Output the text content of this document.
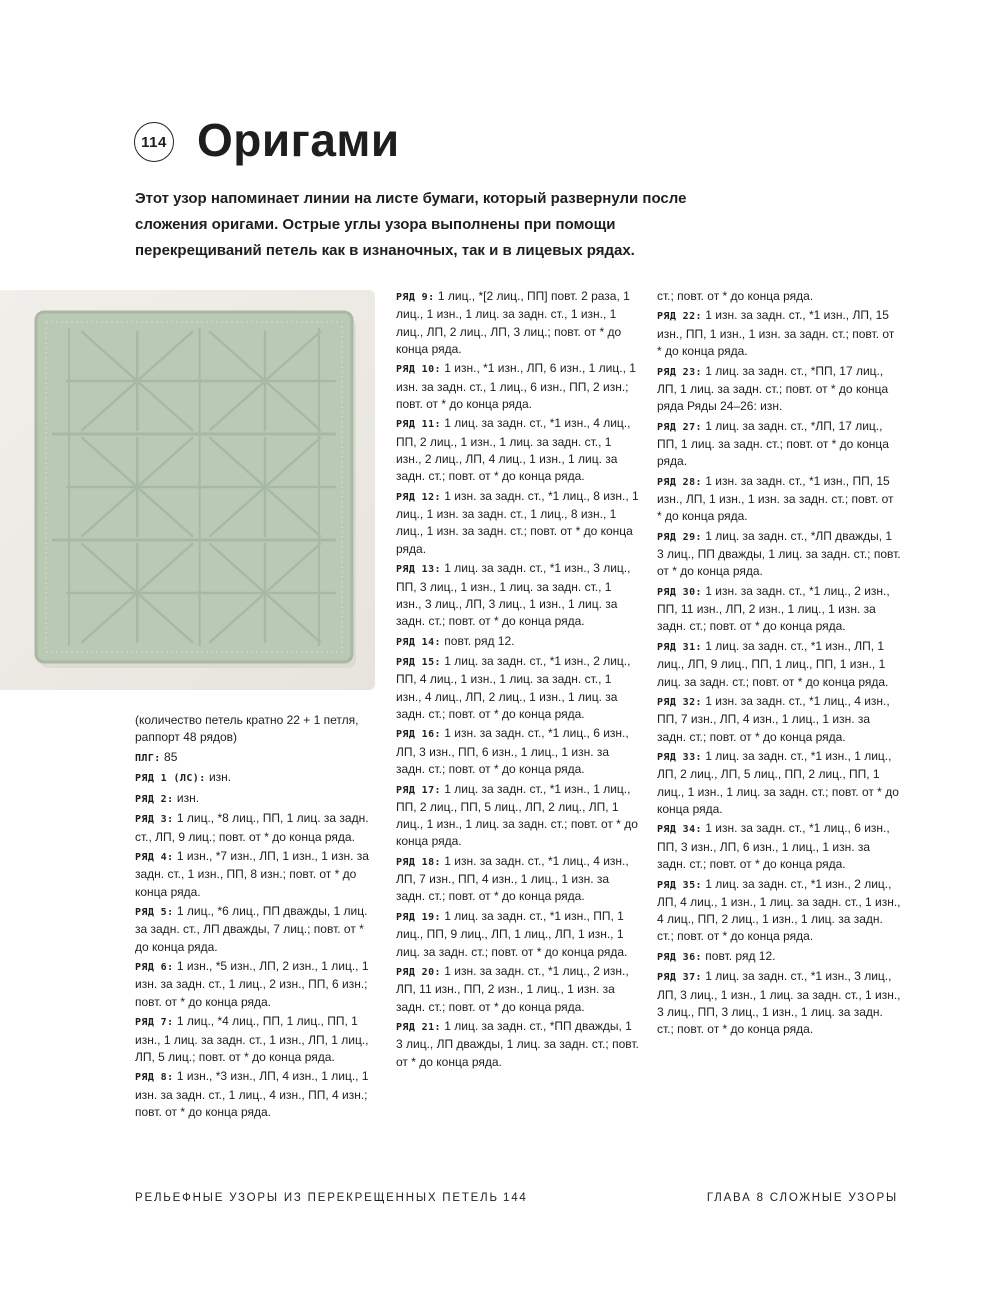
114 Оригами
Этот узор напоминает линии на листе бумаги, который развернули после сложения оригами. Острые углы узора выполнены при помощи перекрещиваний петель как в изнаночных, так и в лицевых рядах.

(количество петель кратно 22 + 1 петля, раппорт 48 рядов)

ПЛГ: 85

РЯД 1 (ЛС): изн.

РЯД 2: изн.

РЯД 3: 1 лиц., *8 лиц., ПП, 1 лиц. за задн. ст., ЛП, 9 лиц.; повт. от * до конца ряда.

РЯД 4: 1 изн., *7 изн., ЛП, 1 изн., 1 изн. за задн. ст., 1 изн., ПП, 8 изн.; повт. от * до конца ряда.

РЯД 5: 1 лиц., *6 лиц., ПП дважды, 1 лиц. за задн. ст., ЛП дважды, 7 лиц.; повт. от * до конца ряда.

РЯД 6: 1 изн., *5 изн., ЛП, 2 изн., 1 лиц., 1 изн. за задн. ст., 1 лиц., 2 изн., ПП, 6 изн.; повт. от * до конца ряда.

РЯД 7: 1 лиц., *4 лиц., ПП, 1 лиц., ПП, 1 изн., 1 лиц. за задн. ст., 1 изн., ЛП, 1 лиц., ЛП, 5 лиц.; повт. от * до конца ряда.

РЯД 8: 1 изн., *3 изн., ЛП, 4 изн., 1 лиц., 1 изн. за задн. ст., 1 лиц., 4 изн., ПП, 4 изн.; повт. от * до конца ряда.

РЯД 9: 1 лиц., *[2 лиц., ПП] повт. 2 раза, 1 лиц., 1 изн., 1 лиц. за задн. ст., 1 изн., 1 лиц., ЛП, 2 лиц., ЛП, 3 лиц.; повт. от * до конца ряда.

РЯД 10: 1 изн., *1 изн., ЛП, 6 изн., 1 лиц., 1 изн. за задн. ст., 1 лиц., 6 изн., ПП, 2 изн.; повт. от * до конца ряда.

РЯД 11: 1 лиц. за задн. ст., *1 изн., 4 лиц., ПП, 2 лиц., 1 изн., 1 лиц. за задн. ст., 1 изн., 2 лиц., ЛП, 4 лиц., 1 изн., 1 лиц. за задн. ст.; повт. от * до конца ряда.

РЯД 12: 1 изн. за задн. ст., *1 лиц., 8 изн., 1 лиц., 1 изн. за задн. ст., 1 лиц., 8 изн., 1 лиц., 1 изн. за задн. ст.; повт. от * до конца ряда.

РЯД 13: 1 лиц. за задн. ст., *1 изн., 3 лиц., ПП, 3 лиц., 1 изн., 1 лиц. за задн. ст., 1 изн., 3 лиц., ЛП, 3 лиц., 1 изн., 1 лиц. за задн. ст.; повт. от * до конца ряда.

РЯД 14: повт. ряд 12.

РЯД 15: 1 лиц. за задн. ст., *1 изн., 2 лиц., ПП, 4 лиц., 1 изн., 1 лиц. за задн. ст., 1 изн., 4 лиц., ЛП, 2 лиц., 1 изн., 1 лиц. за задн. ст.; повт. от * до конца ряда.

РЯД 16: 1 изн. за задн. ст., *1 лиц., 6 изн., ЛП, 3 изн., ПП, 6 изн., 1 лиц., 1 изн. за задн. ст.; повт. от * до конца ряда.

РЯД 17: 1 лиц. за задн. ст., *1 изн., 1 лиц., ПП, 2 лиц., ПП, 5 лиц., ЛП, 2 лиц., ЛП, 1 лиц., 1 изн., 1 лиц. за задн. ст.; повт. от * до конца ряда.

РЯД 18: 1 изн. за задн. ст., *1 лиц., 4 изн., ЛП, 7 изн., ПП, 4 изн., 1 лиц., 1 изн. за задн. ст.; повт. от * до конца ряда.

РЯД 19: 1 лиц. за задн. ст., *1 изн., ПП, 1 лиц., ПП, 9 лиц., ЛП, 1 лиц., ЛП, 1 изн., 1 лиц. за задн. ст.; повт. от * до конца ряда.

РЯД 20: 1 изн. за задн. ст., *1 лиц., 2 изн., ЛП, 11 изн., ПП, 2 изн., 1 лиц., 1 изн. за задн. ст.; повт. от * до конца ряда.

РЯД 21: 1 лиц. за задн. ст., *ПП дважды, 1 3 лиц., ЛП дважды, 1 лиц. за задн. ст.; повт. от * до конца ряда.

ст.; повт. от * до конца ряда.

РЯД 22: 1 изн. за задн. ст., *1 изн., ЛП, 15 изн., ПП, 1 изн., 1 изн. за задн. ст.; повт. от * до конца ряда.

РЯД 23: 1 лиц. за задн. ст., *ПП, 17 лиц., ЛП, 1 лиц. за задн. ст.; повт. от * до конца ряда Ряды 24–26: изн.

РЯД 27: 1 лиц. за задн. ст., *ЛП, 17 лиц., ПП, 1 лиц. за задн. ст.; повт. от * до конца ряда.

РЯД 28: 1 изн. за задн. ст., *1 изн., ПП, 15 изн., ЛП, 1 изн., 1 изн. за задн. ст.; повт. от * до конца ряда.

РЯД 29: 1 лиц. за задн. ст., *ЛП дважды, 1 3 лиц., ПП дважды, 1 лиц. за задн. ст.; повт. от * до конца ряда.

РЯД 30: 1 изн. за задн. ст., *1 лиц., 2 изн., ПП, 11 изн., ЛП, 2 изн., 1 лиц., 1 изн. за задн. ст.; повт. от * до конца ряда.

РЯД 31: 1 лиц. за задн. ст., *1 изн., ЛП, 1 лиц., ЛП, 9 лиц., ПП, 1 лиц., ПП, 1 изн., 1 лиц. за задн. ст.; повт. от * до конца ряда.

РЯД 32: 1 изн. за задн. ст., *1 лиц., 4 изн., ПП, 7 изн., ЛП, 4 изн., 1 лиц., 1 изн. за задн. ст.; повт. от * до конца ряда.

РЯД 33: 1 лиц. за задн. ст., *1 изн., 1 лиц., ЛП, 2 лиц., ЛП, 5 лиц., ПП, 2 лиц., ПП, 1 лиц., 1 изн., 1 лиц. за задн. ст.; повт. от * до конца ряда.

РЯД 34: 1 изн. за задн. ст., *1 лиц., 6 изн., ПП, 3 изн., ЛП, 6 изн., 1 лиц., 1 изн. за задн. ст.; повт. от * до конца ряда.

РЯД 35: 1 лиц. за задн. ст., *1 изн., 2 лиц., ЛП, 4 лиц., 1 изн., 1 лиц. за задн. ст., 1 изн., 4 лиц., ПП, 2 лиц., 1 изн., 1 лиц. за задн. ст.; повт. от * до конца ряда.

РЯД 36: повт. ряд 12.

РЯД 37: 1 лиц. за задн. ст., *1 изн., 3 лиц., ЛП, 3 лиц., 1 изн., 1 лиц. за задн. ст., 1 изн., 3 лиц., ПП, 3 лиц., 1 изн., 1 лиц. за задн. ст.; повт. от * до конца ряда.

РЕЛЬЕФНЫЕ УЗОРЫ ИЗ ПЕРЕКРЕЩЕННЫХ ПЕТЕЛЬ 144	ГЛАВА 8 СЛОЖНЫЕ УЗОРЫ
